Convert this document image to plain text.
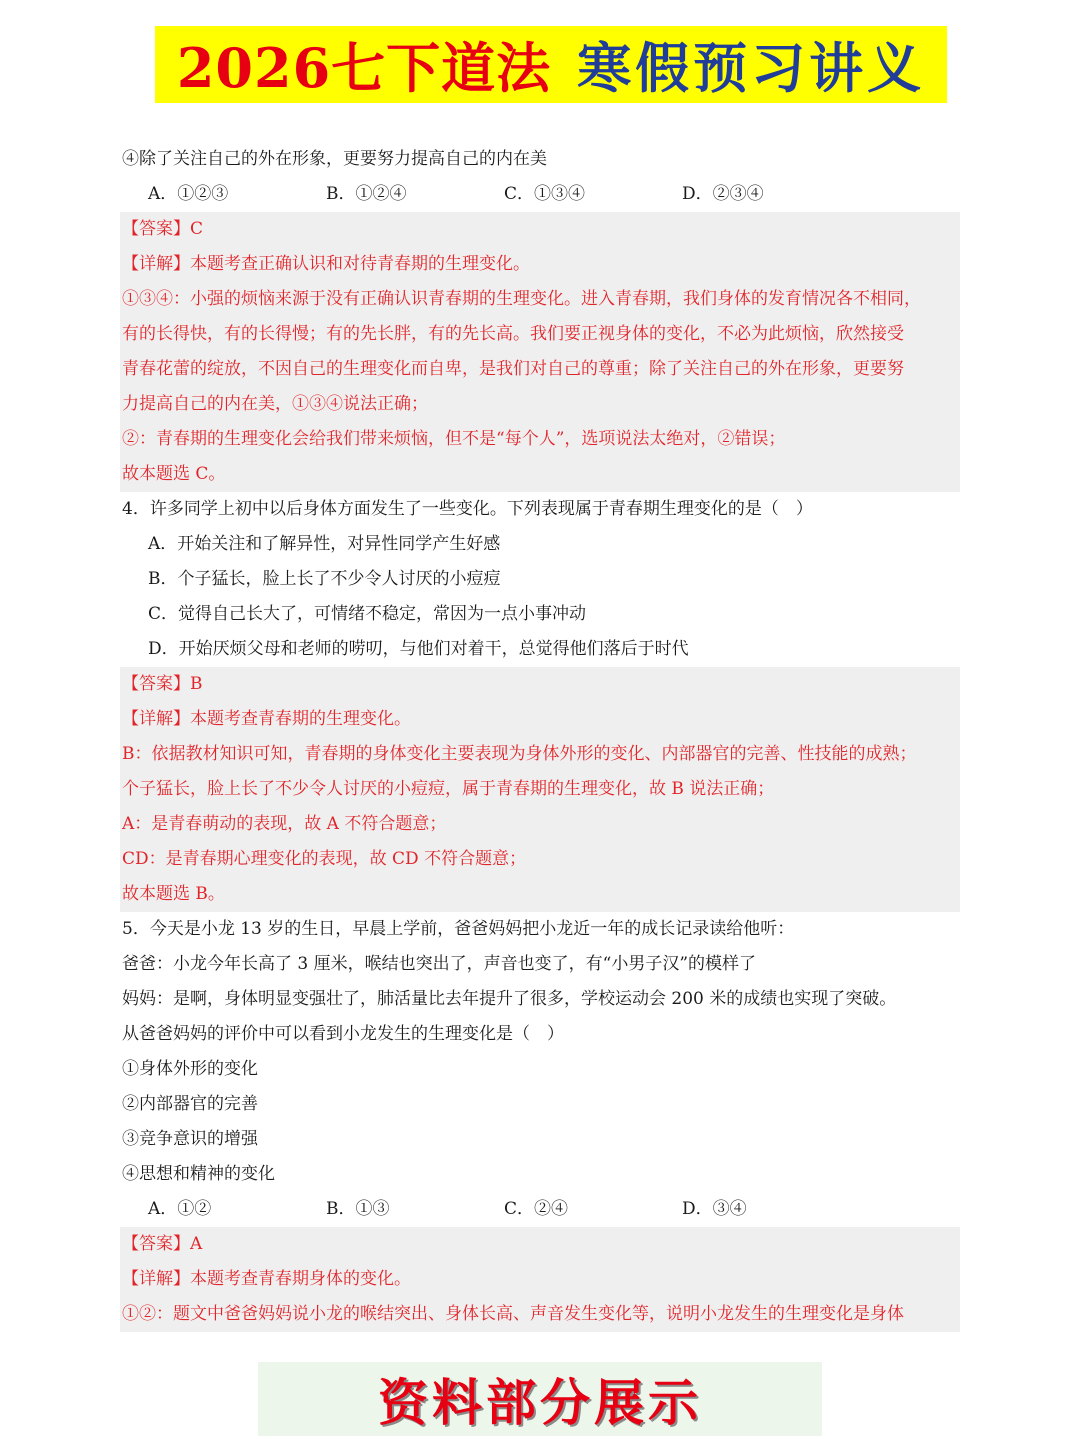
2026七下道法 寒假预习讲义
④除了关注自己的外在形象，更要努力提高自己的内在美
A．①②③	B．①②④	C．①③④	D．②③④
【答案】C
【详解】本题考查正确认识和对待青春期的生理变化。
①③④：小强的烦恼来源于没有正确认识青春期的生理变化。进入青春期，我们身体的发育情况各不相同，
有的长得快，有的长得慢；有的先长胖，有的先长高。我们要正视身体的变化，不必为此烦恼，欣然接受
青春花蕾的绽放，不因自己的生理变化而自卑，是我们对自己的尊重；除了关注自己的外在形象，更要努
力提高自己的内在美，①③④说法正确；
②：青春期的生理变化会给我们带来烦恼，但不是“每个人”，选项说法太绝对，②错误；
故本题选 C。
4．许多同学上初中以后身体方面发生了一些变化。下列表现属于青春期生理变化的是（　）
A．开始关注和了解异性，对异性同学产生好感
B．个子猛长，脸上长了不少令人讨厌的小痘痘
C．觉得自己长大了，可情绪不稳定，常因为一点小事冲动
D．开始厌烦父母和老师的唠叨，与他们对着干，总觉得他们落后于时代
【答案】B
【详解】本题考查青春期的生理变化。
B：依据教材知识可知，青春期的身体变化主要表现为身体外形的变化、内部器官的完善、性技能的成熟；
个子猛长，脸上长了不少令人讨厌的小痘痘，属于青春期的生理变化，故 B 说法正确；
A：是青春萌动的表现，故 A 不符合题意；
CD：是青春期心理变化的表现，故 CD 不符合题意；
故本题选 B。
5．今天是小龙 13 岁的生日，早晨上学前，爸爸妈妈把小龙近一年的成长记录读给他听：
爸爸：小龙今年长高了 3 厘米，喉结也突出了，声音也变了，有“小男子汉”的模样了
妈妈：是啊，身体明显变强壮了，肺活量比去年提升了很多，学校运动会 200 米的成绩也实现了突破。
从爸爸妈妈的评价中可以看到小龙发生的生理变化是（　）
①身体外形的变化
②内部器官的完善
③竞争意识的增强
④思想和精神的变化
A．①②	B．①③	C．②④	D．③④
【答案】A
【详解】本题考查青春期身体的变化。
①②：题文中爸爸妈妈说小龙的喉结突出、身体长高、声音发生变化等，说明小龙发生的生理变化是身体
资料部分展示
